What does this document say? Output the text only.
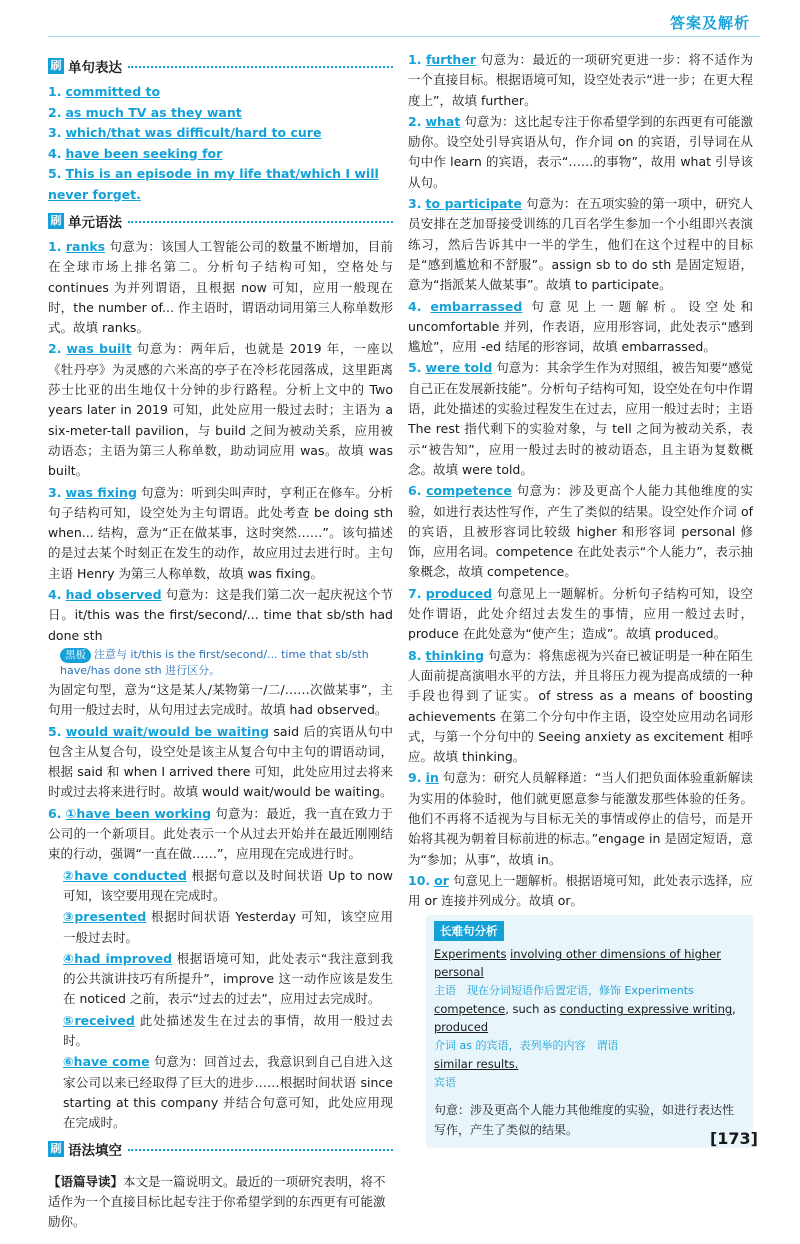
答案及解析
刷 单句表达

1. committed to

2. as much TV as they want

3. which/that was difficult/hard to cure

4. have been seeking for

5. This is an episode in my life that/which I will never forget.

刷 单元语法

1. ranks 句意为：该国人工智能公司的数量不断增加，目前在全球市场上排名第二。分析句子结构可知，空格处与 continues 为并列谓语，且根据 now 可知，应用一般现在时，the number of... 作主语时，谓语动词用第三人称单数形式。故填 ranks。

2. was built 句意为：两年后，也就是 2019 年，一座以《牡丹亭》为灵感的六米高的亭子在冷杉花园落成，这里距离莎士比亚的出生地仅十分钟的步行路程。分析上文中的 Two years later in 2019 可知，此处应用一般过去时；主语为 a six-meter-tall pavilion，与 build 之间为被动关系，应用被动语态；主语为第三人称单数，助动词应用 was。故填 was built。

3. was fixing 句意为：听到尖叫声时，亨利正在修车。分析句子结构可知，设空处为主句谓语。此处考查 be doing sth when... 结构，意为“正在做某事，这时突然……”。该句描述的是过去某个时刻正在发生的动作，故应用过去进行时。主句主语 Henry 为第三人称单数，故填 was fixing。

4. had observed 句意为：这是我们第二次一起庆祝这个节日。it/this was the first/second/... time that sb/sth had done sth

黑板 注意与 it/this is the first/second/... time that sb/sth have/has done sth 进行区分。

为固定句型，意为“这是某人/某物第一/二/……次做某事”，主句用一般过去时，从句用过去完成时。故填 had observed。

5. would wait/would be waiting said 后的宾语从句中包含主从复合句，设空处是该主从复合句中主句的谓语动词，根据 said 和 when I arrived there 可知，此处应用过去将来时或过去将来进行时。故填 would wait/would be waiting。

6. ①have been working 句意为：最近，我一直在致力于公司的一个新项目。此处表示一个从过去开始并在最近刚刚结束的行动，强调“一直在做……”，应用现在完成进行时。

②have conducted 根据句意以及时间状语 Up to now 可知，该空要用现在完成时。

③presented 根据时间状语 Yesterday 可知，该空应用一般过去时。

④had improved 根据语境可知，此处表示“我注意到我的公共演讲技巧有所提升”，improve 这一动作应该是发生在 noticed 之前，表示“过去的过去”，应用过去完成时。

⑤received 此处描述发生在过去的事情，故用一般过去时。

⑥have come 句意为：回首过去，我意识到自己自进入这家公司以来已经取得了巨大的进步……根据时间状语 since starting at this company 并结合句意可知，此处应用现在完成时。

刷 语法填空

【语篇导读】本文是一篇说明文。最近的一项研究表明，将不适作为一个直接目标比起专注于你希望学到的东西更有可能激励你。

1. further 句意为：最近的一项研究更进一步：将不适作为一个直接目标。根据语境可知，设空处表示“进一步；在更大程度上”，故填 further。

2. what 句意为：这比起专注于你希望学到的东西更有可能激励你。设空处引导宾语从句，作介词 on 的宾语，引导词在从句中作 learn 的宾语，表示“……的事物”，故用 what 引导该从句。

3. to participate 句意为：在五项实验的第一项中，研究人员安排在芝加哥接受训练的几百名学生参加一个小组即兴表演练习，然后告诉其中一半的学生，他们在这个过程中的目标是“感到尴尬和不舒服”。assign sb to do sth 是固定短语，意为“指派某人做某事”。故填 to participate。

4. embarrassed 句意见上一题解析。设空处和 uncomfortable 并列，作表语，应用形容词，此处表示“感到尴尬”，应用 -ed 结尾的形容词，故填 embarrassed。

5. were told 句意为：其余学生作为对照组，被告知要“感觉自己正在发展新技能”。分析句子结构可知，设空处在句中作谓语，此处描述的实验过程发生在过去，应用一般过去时；主语 The rest 指代剩下的实验对象，与 tell 之间为被动关系，表示“被告知”，应用一般过去时的被动语态，且主语为复数概念。故填 were told。

6. competence 句意为：涉及更高个人能力其他维度的实验，如进行表达性写作，产生了类似的结果。设空处作介词 of 的宾语，且被形容词比较级 higher 和形容词 personal 修饰，应用名词。competence 在此处表示“个人能力”，表示抽象概念，故填 competence。

7. produced 句意见上一题解析。分析句子结构可知，设空处作谓语，此处介绍过去发生的事情，应用一般过去时，produce 在此处意为“使产生；造成”。故填 produced。

8. thinking 句意为：将焦虑视为兴奋已被证明是一种在陌生人面前提高演唱水平的方法，并且将压力视为提高成绩的一种手段也得到了证实。of stress as a means of boosting achievements 在第二个分句中作主语，设空处应用动名词形式，与第一个分句中的 Seeing anxiety as excitement 相呼应。故填 thinking。

9. in 句意为：研究人员解释道：“当人们把负面体验重新解读为实用的体验时，他们就更愿意参与能激发那些体验的任务。他们不再将不适视为与目标无关的事情或停止的信号，而是开始将其视为朝着目标前进的标志。”engage in 是固定短语，意为“参加；从事”，故填 in。

10. or 句意见上一题解析。根据语境可知，此处表示选择，应用 or 连接并列成分。故填 or。

长难句分析
Experiments involving other dimensions of higher personal
主语 现在分词短语作后置定语，修饰 Experiments
competence, such as conducting expressive writing, produced
介词 as 的宾语，表列举的内容 谓语
similar results.
宾语
句意：涉及更高个人能力其他维度的实验，如进行表达性写作，产生了类似的结果。	[173]
